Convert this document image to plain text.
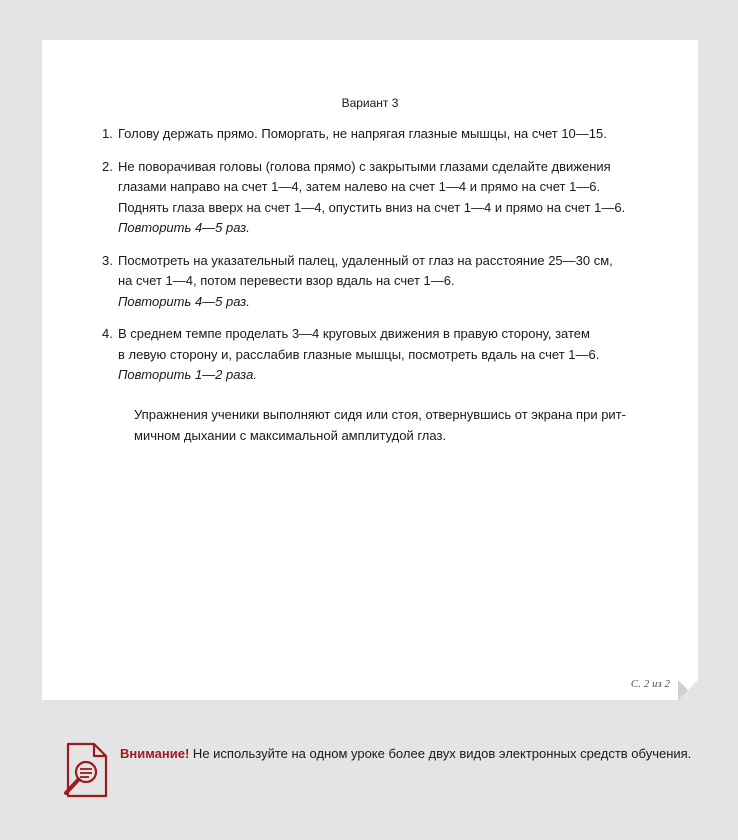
Вариант 3
1. Голову держать прямо. Поморгать, не напрягая глазные мышцы, на счет 10—15.
2. Не поворачивая головы (голова прямо) с закрытыми глазами сделайте движения
глазами направо на счет 1—4, затем налево на счет 1—4 и прямо на счет 1—6.
Поднять глаза вверх на счет 1—4, опустить вниз на счет 1—4 и прямо на счет 1—6.
Повторить 4—5 раз.
3. Посмотреть на указательный палец, удаленный от глаз на расстояние 25—30 см,
на счет 1—4, потом перевести взор вдаль на счет 1—6.
Повторить 4—5 раз.
4. В среднем темпе проделать 3—4 круговых движения в правую сторону, затем
в левую сторону и, расслабив глазные мышцы, посмотреть вдаль на счет 1—6.
Повторить 1—2 раза.
Упражнения ученики выполняют сидя или стоя, отвернувшись от экрана при рит-
мичном дыхании с максимальной амплитудой глаз.
С. 2 из 2
Внимание! Не используйте на одном уроке более двух видов электронных средств обучения.
